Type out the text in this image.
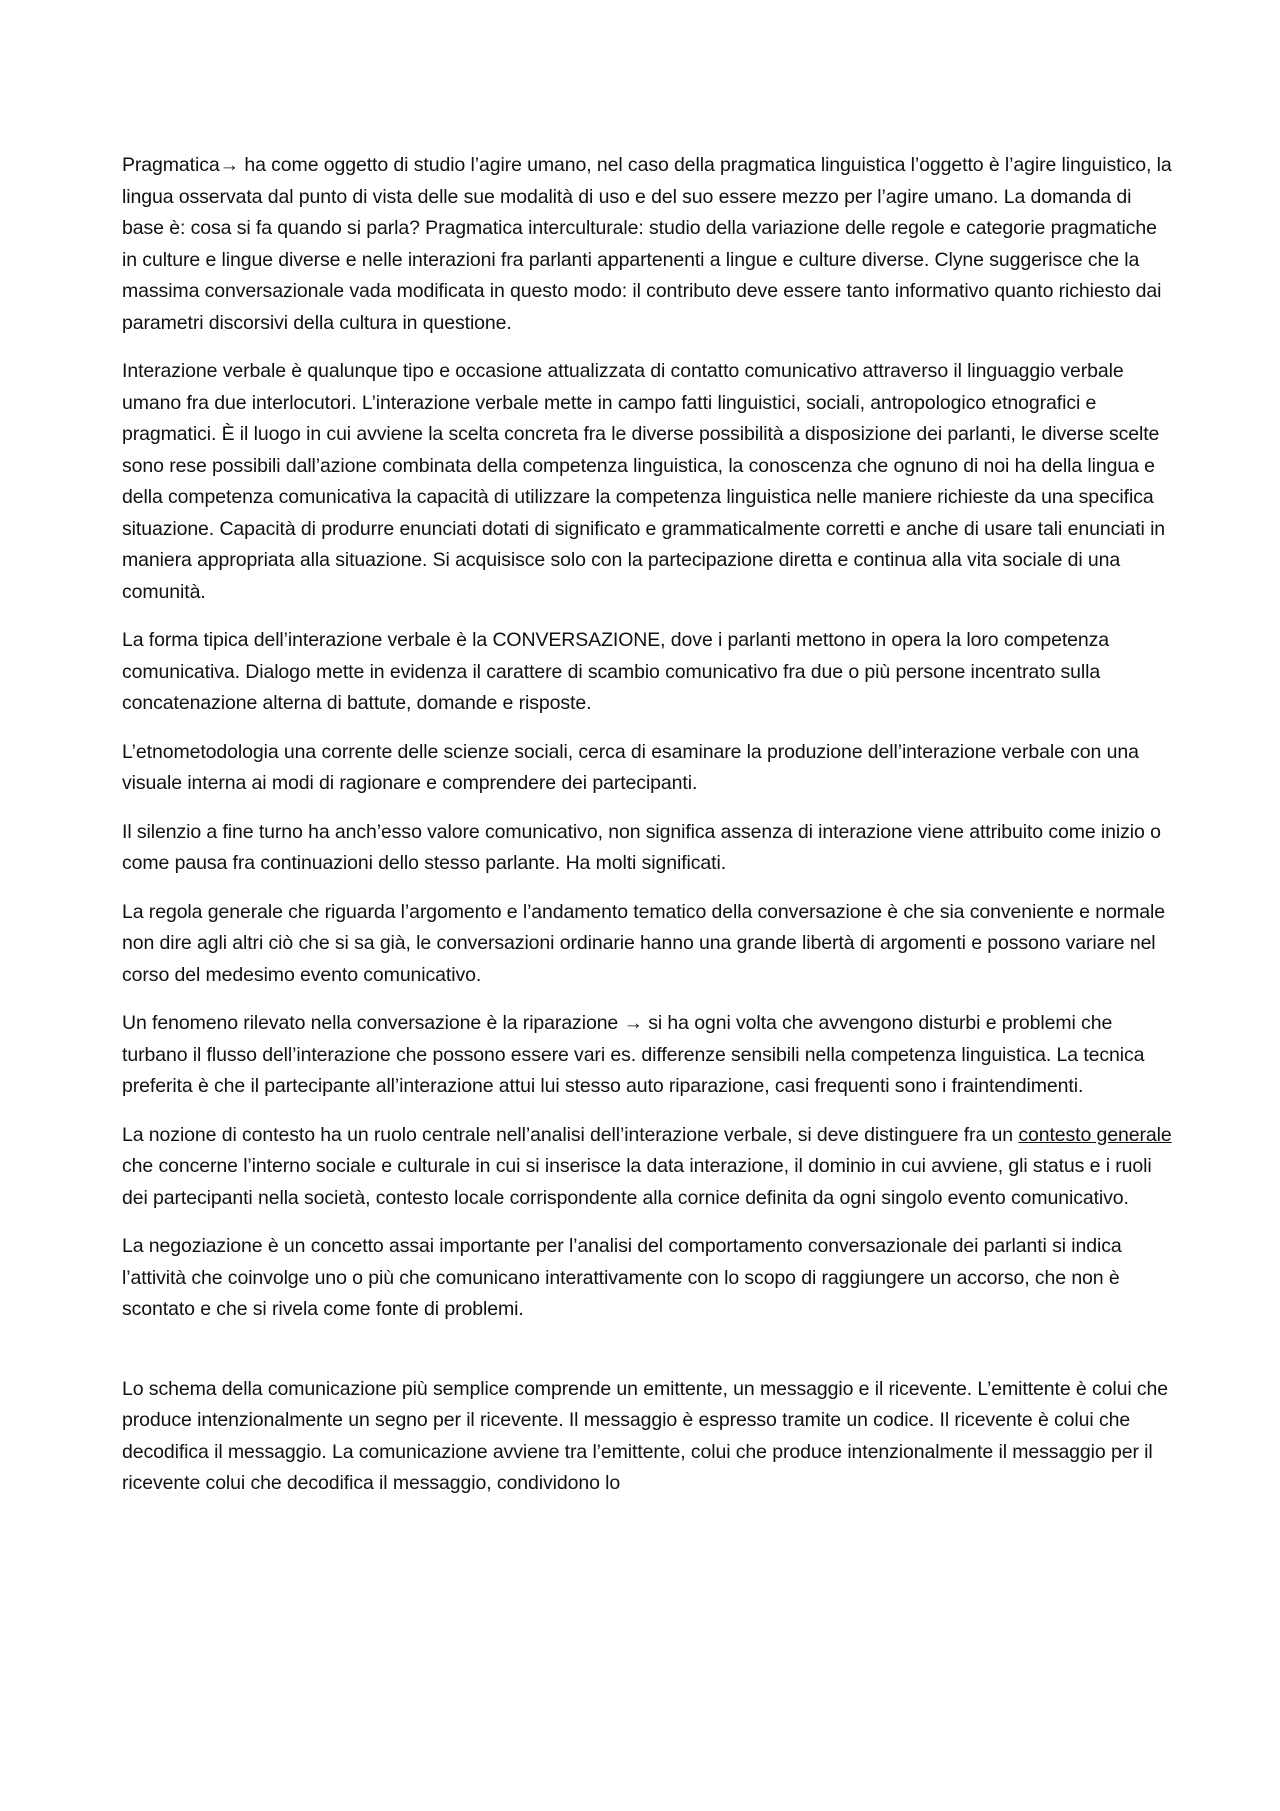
Pragmatica→ ha come oggetto di studio l’agire umano, nel caso della pragmatica linguistica l’oggetto è l’agire linguistico, la lingua osservata dal punto di vista delle sue modalità di uso e del suo essere mezzo per l’agire umano. La domanda di base è: cosa si fa quando si parla? Pragmatica interculturale: studio della variazione delle regole e categorie pragmatiche in culture e lingue diverse e nelle interazioni fra parlanti appartenenti a lingue e culture diverse. Clyne suggerisce che la massima conversazionale vada modificata in questo modo: il contributo deve essere tanto informativo quanto richiesto dai parametri discorsivi della cultura in questione.

Interazione verbale è qualunque tipo e occasione attualizzata di contatto comunicativo attraverso il linguaggio verbale umano fra due interlocutori. L’interazione verbale mette in campo fatti linguistici, sociali, antropologico etnografici e pragmatici. È il luogo in cui avviene la scelta concreta fra le diverse possibilità a disposizione dei parlanti, le diverse scelte sono rese possibili dall’azione combinata della competenza linguistica, la conoscenza che ognuno di noi ha della lingua e della competenza comunicativa la capacità di utilizzare la competenza linguistica nelle maniere richieste da una specifica situazione. Capacità di produrre enunciati dotati di significato e grammaticalmente corretti e anche di usare tali enunciati in maniera appropriata alla situazione. Si acquisisce solo con la partecipazione diretta e continua alla vita sociale di una comunità.

La forma tipica dell’interazione verbale è la CONVERSAZIONE, dove i parlanti mettono in opera la loro competenza comunicativa. Dialogo mette in evidenza il carattere di scambio comunicativo fra due o più persone incentrato sulla concatenazione alterna di battute, domande e risposte.

L’etnometodologia una corrente delle scienze sociali, cerca di esaminare la produzione dell’interazione verbale con una visuale interna ai modi di ragionare e comprendere dei partecipanti.

Il silenzio a fine turno ha anch’esso valore comunicativo, non significa assenza di interazione viene attribuito come inizio o come pausa fra continuazioni dello stesso parlante. Ha molti significati.

La regola generale che riguarda l’argomento e l’andamento tematico della conversazione è che sia conveniente e normale non dire agli altri ciò che si sa già, le conversazioni ordinarie hanno una grande libertà di argomenti e possono variare nel corso del medesimo evento comunicativo.

Un fenomeno rilevato nella conversazione è la riparazione → si ha ogni volta che avvengono disturbi e problemi che turbano il flusso dell’interazione che possono essere vari es. differenze sensibili nella competenza linguistica. La tecnica preferita è che il partecipante all’interazione attui lui stesso auto riparazione, casi frequenti sono i fraintendimenti.

La nozione di contesto ha un ruolo centrale nell’analisi dell’interazione verbale, si deve distinguere fra un contesto generale che concerne l’interno sociale e culturale in cui si inserisce la data interazione, il dominio in cui avviene, gli status e i ruoli dei partecipanti nella società, contesto locale corrispondente alla cornice definita da ogni singolo evento comunicativo.

La negoziazione è un concetto assai importante per l’analisi del comportamento conversazionale dei parlanti si indica l’attività che coinvolge uno o più che comunicano interattivamente con lo scopo di raggiungere un accorso, che non è scontato e che si rivela come fonte di problemi.

Lo schema della comunicazione più semplice comprende un emittente, un messaggio e il ricevente. L’emittente è colui che produce intenzionalmente un segno per il ricevente. Il messaggio è espresso tramite un codice. Il ricevente è colui che decodifica il messaggio. La comunicazione avviene tra l’emittente, colui che produce intenzionalmente il messaggio per il ricevente colui che decodifica il messaggio, condividono lo
